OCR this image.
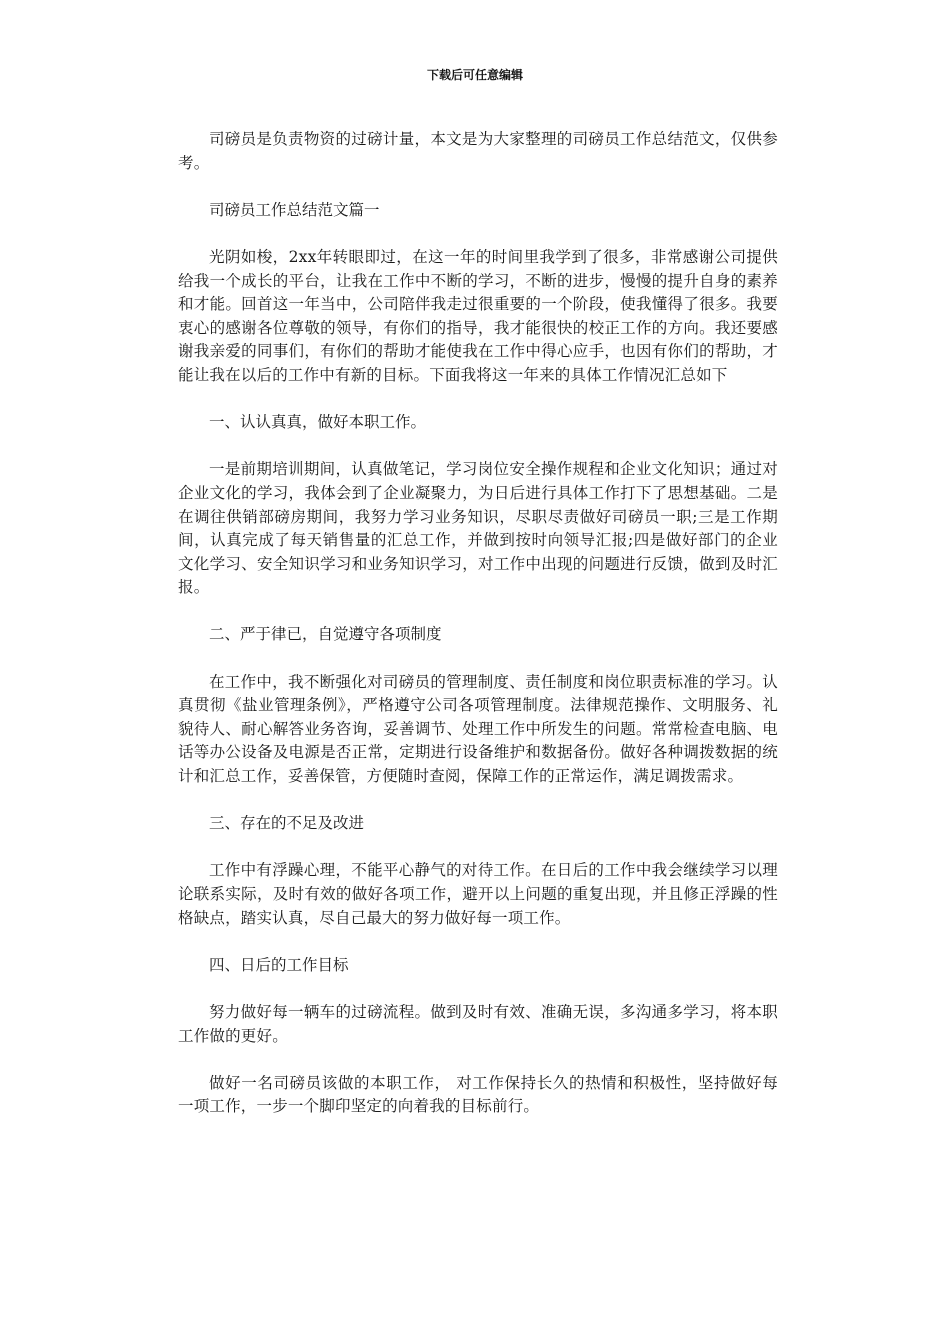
下载后可任意编辑

司磅员是负责物资的过磅计量，本文是为大家整理的司磅员工作总结范文，仅供参考。

司磅员工作总结范文篇一

光阴如梭，2xx年转眼即过，在这一年的时间里我学到了很多，非常感谢公司提供给我一个成长的平台，让我在工作中不断的学习，不断的进步，慢慢的提升自身的素养和才能。回首这一年当中，公司陪伴我走过很重要的一个阶段，使我懂得了很多。我要衷心的感谢各位尊敬的领导，有你们的指导，我才能很快的校正工作的方向。我还要感谢我亲爱的同事们，有你们的帮助才能使我在工作中得心应手，也因有你们的帮助，才能让我在以后的工作中有新的目标。下面我将这一年来的具体工作情况汇总如下

一、认认真真，做好本职工作。

一是前期培训期间，认真做笔记，学习岗位安全操作规程和企业文化知识；通过对企业文化的学习，我体会到了企业凝聚力，为日后进行具体工作打下了思想基础。二是在调往供销部磅房期间，我努力学习业务知识，尽职尽责做好司磅员一职;三是工作期间，认真完成了每天销售量的汇总工作，并做到按时向领导汇报;四是做好部门的企业文化学习、安全知识学习和业务知识学习，对工作中出现的问题进行反馈，做到及时汇报。

二、严于律已，自觉遵守各项制度

在工作中，我不断强化对司磅员的管理制度、责任制度和岗位职责标准的学习。认真贯彻《盐业管理条例》，严格遵守公司各项管理制度。法律规范操作、文明服务、礼貌待人、耐心解答业务咨询，妥善调节、处理工作中所发生的问题。常常检查电脑、电话等办公设备及电源是否正常，定期进行设备维护和数据备份。做好各种调拨数据的统计和汇总工作，妥善保管，方便随时查阅，保障工作的正常运作，满足调拨需求。

三、存在的不足及改进

工作中有浮躁心理，不能平心静气的对待工作。在日后的工作中我会继续学习以理论联系实际，及时有效的做好各项工作，避开以上问题的重复出现，并且修正浮躁的性格缺点，踏实认真，尽自己最大的努力做好每一项工作。

四、日后的工作目标

努力做好每一辆车的过磅流程。做到及时有效、准确无误，多沟通多学习，将本职工作做的更好。

做好一名司磅员该做的本职工作， 对工作保持长久的热情和积极性，坚持做好每一项工作，一步一个脚印坚定的向着我的目标前行。
